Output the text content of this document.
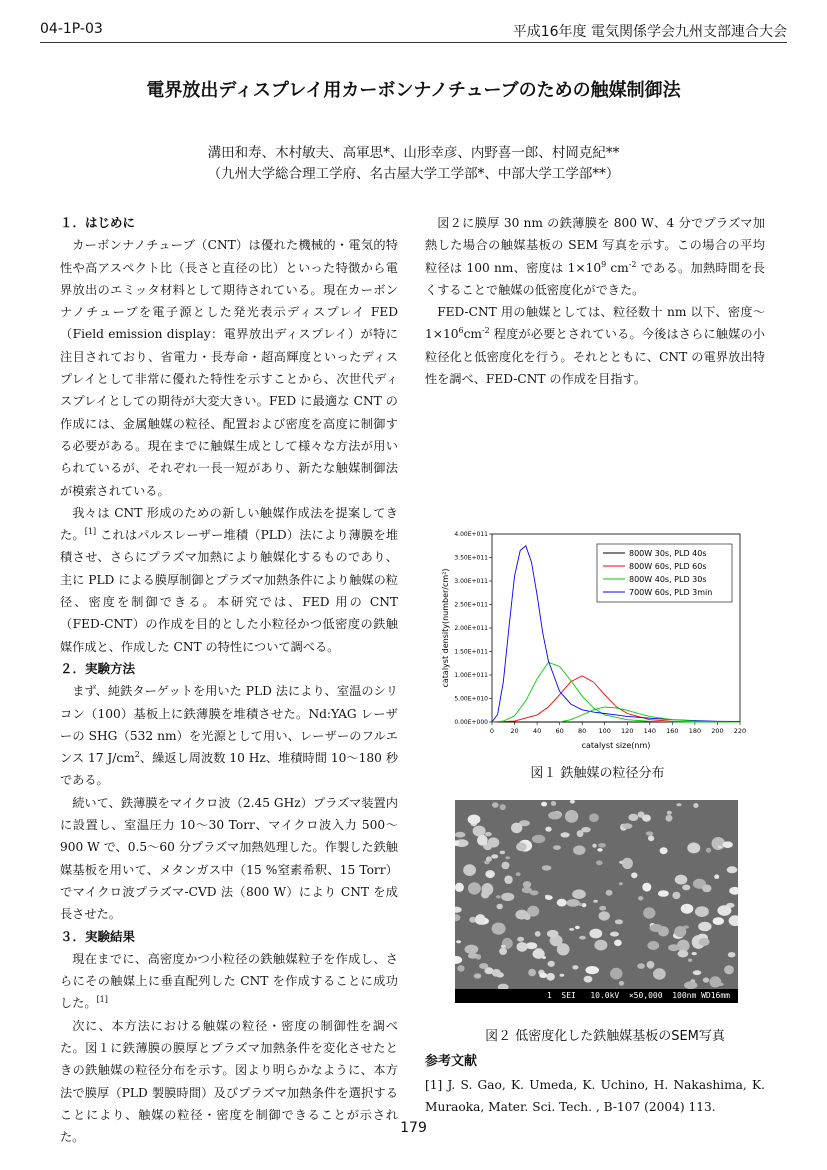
04-1P-03	平成16年度 電気関係学会九州支部連合大会
電界放出ディスプレイ用カーボンナノチューブのための触媒制御法
溝田和寿、木村敏夫、高軍思*、山形幸彦、内野喜一郎、村岡克紀**
（九州大学総合理工学府、名古屋大学工学部*、中部大学工学部**）

１．はじめに

カーボンナノチューブ（CNT）は優れた機械的・電気的特性や高アスペクト比（長さと直径の比）といった特徴から電界放出のエミッタ材料として期待されている。現在カーボンナノチューブを電子源とした発光表示ディスプレイ FED（Field emission display：電界放出ディスプレイ）が特に注目されており、省電力・長寿命・超高輝度といったディスプレイとして非常に優れた特性を示すことから、次世代ディスプレイとしての期待が大変大きい。FED に最適な CNT の作成には、金属触媒の粒径、配置および密度を高度に制御する必要がある。現在までに触媒生成として様々な方法が用いられているが、それぞれ一長一短があり、新たな触媒制御法が模索されている。

我々は CNT 形成のための新しい触媒作成法を提案してきた。[1] これはパルスレーザー堆積（PLD）法により薄膜を堆積させ、さらにプラズマ加熱により触媒化するものであり、主に PLD による膜厚制御とプラズマ加熱条件により触媒の粒径、密度を制御できる。本研究では、FED 用の CNT（FED-CNT）の作成を目的とした小粒径かつ低密度の鉄触媒作成と、作成した CNT の特性について調べる。

２．実験方法

まず、純鉄ターゲットを用いた PLD 法により、室温のシリコン（100）基板上に鉄薄膜を堆積させた。Nd:YAG レーザーの SHG（532 nm）を光源として用い、レーザーのフルエンス 17 $J/cm^2$、繰返し周波数 10 Hz、堆積時間 10～180 秒である。

続いて、鉄薄膜をマイクロ波（2.45 GHz）プラズマ装置内に設置し、室温圧力 10～30 Torr、マイクロ波入力 500～900 W で、0.5～60 分プラズマ加熱処理した。作製した鉄触媒基板を用いて、メタンガス中（15 %窒素希釈、15 Torr）でマイクロ波プラズマ-CVD 法（800 W）により CNT を成長させた。

３．実験結果

現在までに、高密度かつ小粒径の鉄触媒粒子を作成し、さらにその触媒上に垂直配列した CNT を作成することに成功した。[1]

次に、本方法における触媒の粒径・密度の制御性を調べた。図１に鉄薄膜の膜厚とプラズマ加熱条件を変化させたときの鉄触媒の粒径分布を示す。図より明らかなように、本方法で膜厚（PLD 製膜時間）及びプラズマ加熱条件を選択することにより、触媒の粒径・密度を制御できることが示された。

図２に膜厚 30 nm の鉄薄膜を 800 W、4 分でプラズマ加熱した場合の触媒基板の SEM 写真を示す。この場合の平均粒径は 100 nm、密度は $1\times 10^9$ $cm^{-2}$ である。加熱時間を長くすることで触媒の低密度化ができた。

FED-CNT 用の触媒としては、粒径数十 nm 以下、密度$\sim 1\times 10^6cm^{-2}$ 程度が必要とされている。今後はさらに触媒の小粒径化と低密度化を行う。それとともに、CNT の電界放出特性を調べ、FED-CNT の作成を目指す。

0.00E+000
5.00E+010
1.00E+011
1.50E+011
2.00E+011
2.50E+011
3.00E+011
3.50E+011
4.00E+011
0	20 40 60 80 100 120 140 160 180 200 220
catalyst size(nm)
catalyst density(number/cm²)
800W 30s, PLD 40s
800W 60s, PLD 60s
800W 40s, PLD 30s
700W 60s, PLD 3min
図１ 鉄触媒の粒径分布
1  SEI   10.0kV  ×50,000  100nm WD16mm
図２ 低密度化した鉄触媒基板のSEM写真
参考文献
[1] J. S. Gao, K. Umeda, K. Uchino, H. Nakashima, K. Muraoka, Mater. Sci. Tech. , B-107 (2004) 113.
179
